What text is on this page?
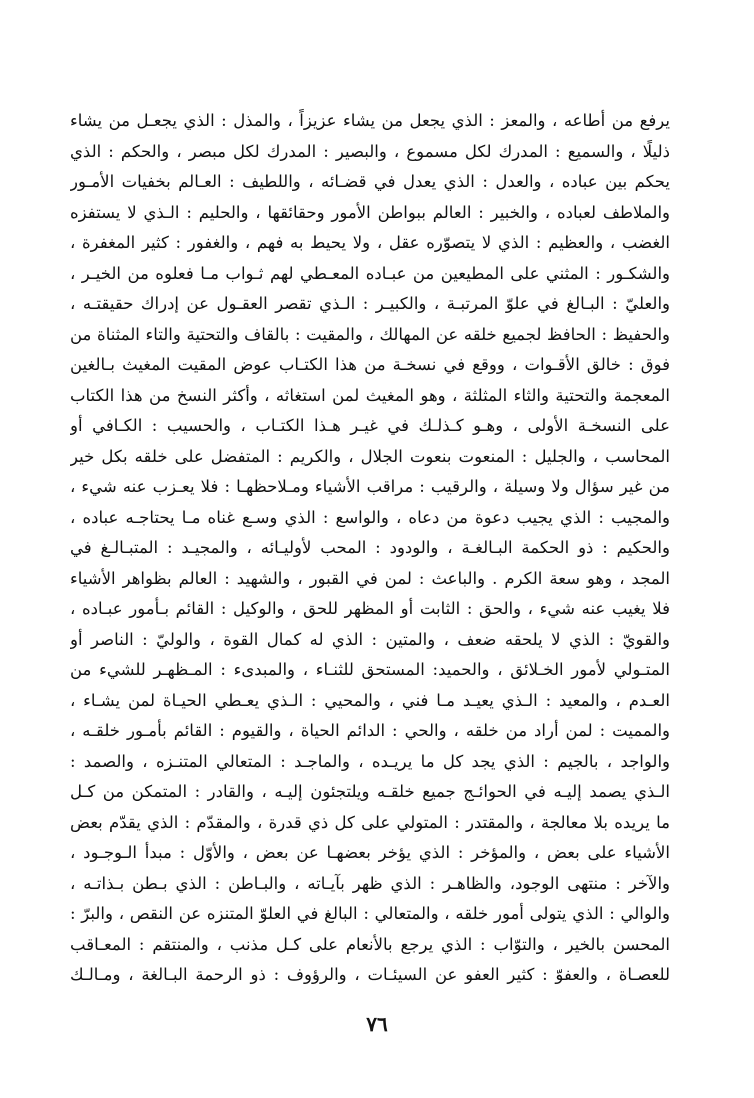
يرفع من أطاعه ، والمعز : الذي يجعل من يشاء عزيزاً ، والمذل : الذي يجعـل من يشاء
ذليلًا ، والسميع : المدرك لكل مسموع ، والبصير : المدرك لكل مبصر ، والحكم : الذي
يحكم بين عباده ، والعدل : الذي يعدل في قضـائه ، واللطيف : العـالم بخفيات الأمـور
والملاطف لعباده ، والخبير : العالم ببواطن الأمور وحقائقها ، والحليم : الـذي لا يستفزه
الغضب ، والعظيم : الذي لا يتصوّره عقل ، ولا يحيط به فهم ، والغفور : كثير المغفرة ،
والشكـور : المثني على المطيعين من عبـاده المعـطي لهم ثـواب مـا فعلوه من الخيـر ،
والعليّ : البـالغ في علوّ المرتبـة ، والكبيـر : الـذي تقصر العقـول عن إدراك حقيقتـه ،
والحفيظ : الحافظ لجميع خلقه عن المهالك ، والمقيت : بالقاف والتحتية والتاء المثناة من
فوق : خالق الأقـوات ، ووقع في نسخـة من هذا الكتـاب عوض المقيت المغيث بـالغين
المعجمة والتحتية والثاء المثلثة ، وهو المغيث لمن استغاثه ، وأكثر النسخ من هذا الكتاب
على النسخـة الأولى ، وهـو كـذلـك في غيـر هـذا الكتـاب ، والحسيب : الكـافي أو
المحاسب ، والجليل : المنعوت بنعوت الجلال ، والكريم : المتفضل على خلقه بكل خير
من غير سؤال ولا وسيلة ، والرقيب : مراقب الأشياء ومـلاحظهـا : فلا يعـزب عنه شيء ،
والمجيب : الذي يجيب دعوة من دعاه ، والواسع : الذي وسـع غناه مـا يحتاجـه عباده ،
والحكيم : ذو الحكمة البـالغـة ، والودود : المحب لأوليـائه ، والمجيـد : المتبـالـغ في
المجد ، وهو سعة الكرم . والباعث : لمن في القبور ، والشهيد : العالم بظواهر الأشياء
فلا يغيب عنه شيء ، والحق : الثابت أو المظهر للحق ، والوكيل : القائم بـأمور عبـاده ،
والقويّ : الذي لا يلحقه ضعف ، والمتين : الذي له كمال القوة ، والوليّ : الناصر أو
المتـولي لأمور الخـلائق ، والحميد: المستحق للثنـاء ، والمبدىء : المـظهـر للشيء من
العـدم ، والمعيد : الـذي يعيـد مـا فني ، والمحيي : الـذي يعـطي الحيـاة لمن يشـاء ،
والمميت : لمن أراد من خلقه ، والحي : الدائم الحياة ، والقيوم : القائم بأمـور خلقـه ،
والواجد ، بالجيم : الذي يجد كل ما يريـده ، والماجـد : المتعالي المتنـزه ، والصمد :
الـذي يصمد إليـه في الحوائـج جميع خلقـه ويلتجئون إليـه ، والقادر : المتمكن من كـل
ما يريده بلا معالجة ، والمقتدر : المتولي على كل ذي قدرة ، والمقدّم : الذي يقدّم بعض
الأشياء على بعض ، والمؤخر : الذي يؤخر بعضهـا عن بعض ، والأوّل : مبدأ الـوجـود ،
والآخر : منتهى الوجود، والظاهـر : الذي ظهر بآيـاته ، والبـاطن : الذي بـطن بـذاتـه ،
والوالي : الذي يتولى أمور خلقه ، والمتعالي : البالغ في العلوّ المتنزه عن النقص ، والبرّ :
المحسن بالخير ، والتوّاب : الذي يرجع بالأنعام على كـل مذنب ، والمنتقم : المعـاقب
للعصـاة ، والعفوّ : كثير العفو عن السيئـات ، والرؤوف : ذو الرحمة البـالغة ، ومـالـك
٧٦
